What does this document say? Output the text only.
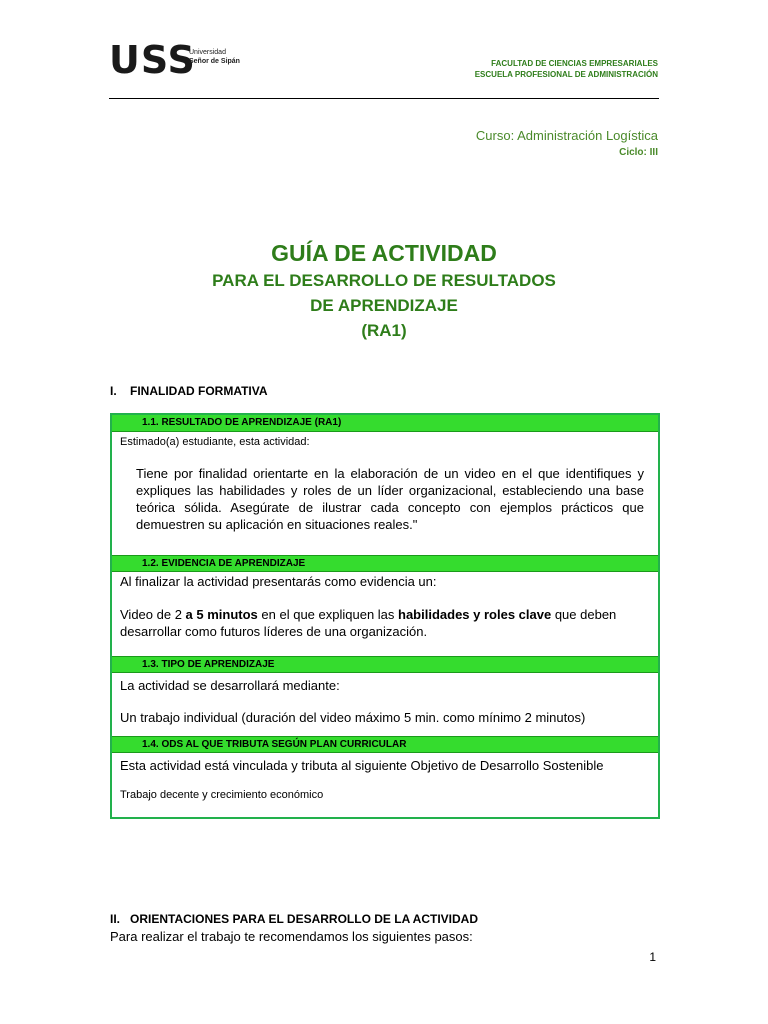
USS
Universidad
Señor de Sipán	FACULTAD DE CIENCIAS EMPRESARIALES
ESCUELA PROFESIONAL DE ADMINISTRACIÓN
Curso: Administración Logística
Ciclo: III
GUÍA DE ACTIVIDAD
PARA EL DESARROLLO DE RESULTADOS
DE APRENDIZAJE
(RA1)
I.    FINALIDAD FORMATIVA
1.1. RESULTADO DE APRENDIZAJE (RA1)
Estimado(a) estudiante, esta actividad:
Tiene por finalidad orientarte en la elaboración de un video en el que identifiques y expliques las habilidades y roles de un líder organizacional, estableciendo una base teórica sólida. Asegúrate de ilustrar cada concepto con ejemplos prácticos que demuestren su aplicación en situaciones reales."
1.2. EVIDENCIA DE APRENDIZAJE
Al finalizar la actividad presentarás como evidencia un:
Video de 2 a 5 minutos en el que expliquen las habilidades y roles clave que deben desarrollar como futuros líderes de una organización.
1.3. TIPO DE APRENDIZAJE
La actividad se desarrollará mediante:
Un trabajo individual (duración del video máximo 5 min. como mínimo 2 minutos)
1.4. ODS AL QUE TRIBUTA SEGÚN PLAN CURRICULAR
Esta actividad está vinculada y tributa al siguiente Objetivo de Desarrollo Sostenible
Trabajo decente y crecimiento económico
II.   ORIENTACIONES PARA EL DESARROLLO DE LA ACTIVIDAD
Para realizar el trabajo te recomendamos los siguientes pasos:
1
